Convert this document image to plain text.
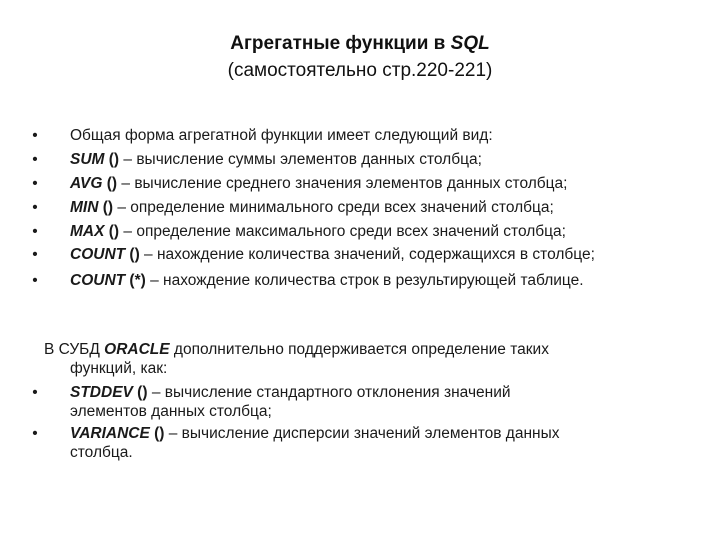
Агрегатные функции в SQL
(самостоятельно стр.220-221)
• Общая форма агрегатной функции имеет следующий вид:
• SUM () – вычисление суммы элементов данных столбца;
• AVG () – вычисление среднего значения элементов данных столбца;
• MIN () – определение минимального среди всех значений столбца;
• MAX () – определение максимального среди всех значений столбца;
• COUNT () – нахождение количества значений, содержащихся в столбце;
• COUNT (*) – нахождение количества строк в результирующей таблице.
В СУБД ORACLE дополнительно поддерживается определение таких
функций, как:
• STDDEV () – вычисление стандартного отклонения значений
элементов данных столбца;
• VARIANCE () – вычисление дисперсии значений элементов данных
столбца.
